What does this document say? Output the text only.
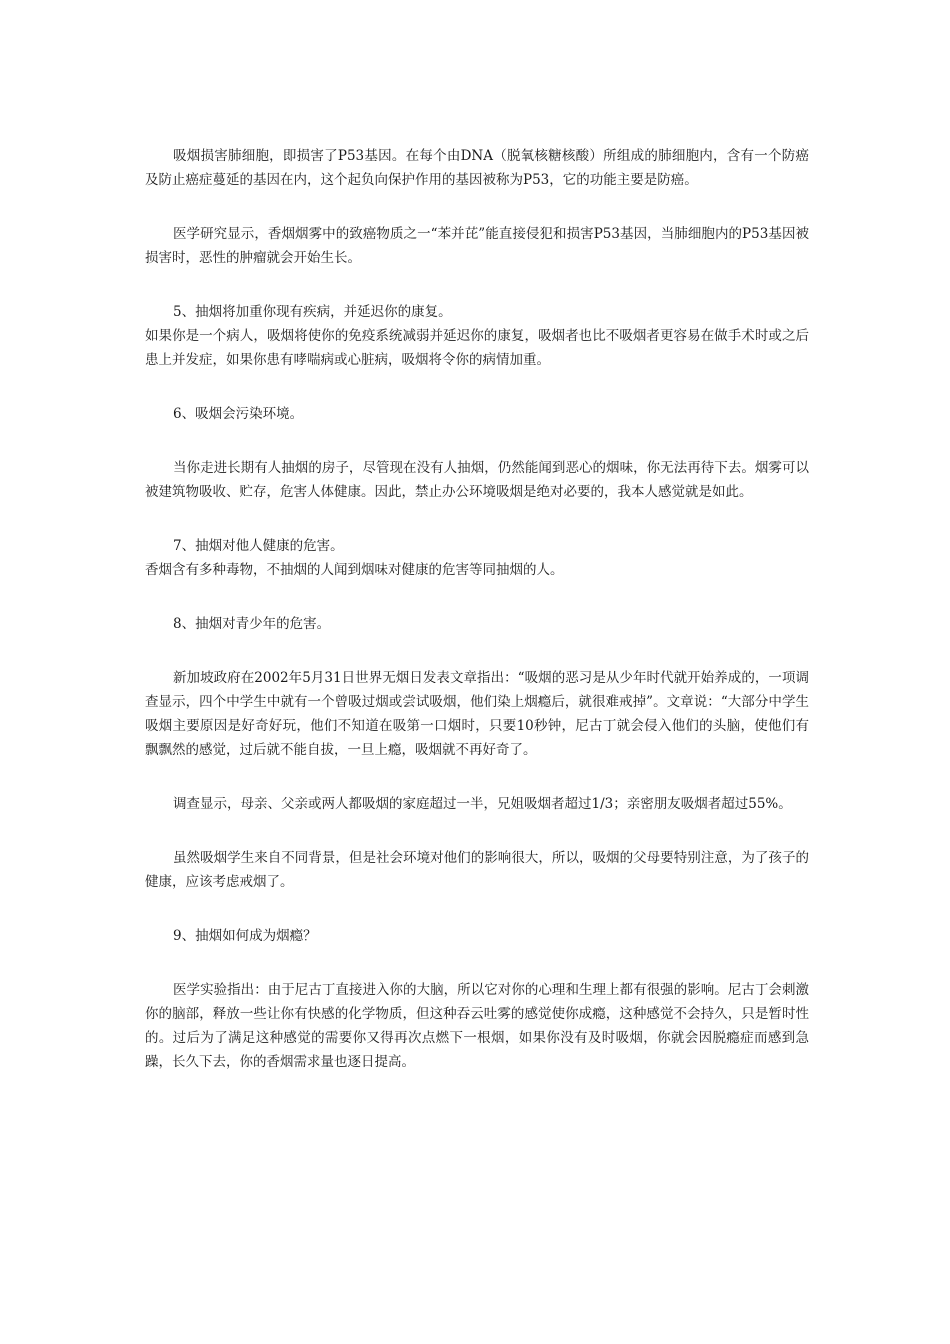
吸烟损害肺细胞，即损害了P53基因。在每个由DNA（脱氧核糖核酸）所组成的肺细胞内，含有一个防癌及防止癌症蔓延的基因在内，这个起负向保护作用的基因被称为P53，它的功能主要是防癌。

医学研究显示，香烟烟雾中的致癌物质之一“苯并芘”能直接侵犯和损害P53基因，当肺细胞内的P53基因被损害时，恶性的肿瘤就会开始生长。

5、抽烟将加重你现有疾病，并延迟你的康复。

如果你是一个病人，吸烟将使你的免疫系统减弱并延迟你的康复，吸烟者也比不吸烟者更容易在做手术时或之后患上并发症，如果你患有哮喘病或心脏病，吸烟将令你的病情加重。

6、吸烟会污染环境。

当你走进长期有人抽烟的房子，尽管现在没有人抽烟，仍然能闻到恶心的烟味，你无法再待下去。烟雾可以被建筑物吸收、贮存，危害人体健康。因此，禁止办公环境吸烟是绝对必要的，我本人感觉就是如此。

7、抽烟对他人健康的危害。

香烟含有多种毒物，不抽烟的人闻到烟味对健康的危害等同抽烟的人。

8、抽烟对青少年的危害。

新加坡政府在2002年5月31日世界无烟日发表文章指出：“吸烟的恶习是从少年时代就开始养成的，一项调查显示，四个中学生中就有一个曾吸过烟或尝试吸烟，他们染上烟瘾后，就很难戒掉”。文章说：“大部分中学生吸烟主要原因是好奇好玩，他们不知道在吸第一口烟时，只要10秒钟，尼古丁就会侵入他们的头脑，使他们有飘飘然的感觉，过后就不能自拔，一旦上瘾，吸烟就不再好奇了。

调查显示，母亲、父亲或两人都吸烟的家庭超过一半，兄姐吸烟者超过1/3；亲密朋友吸烟者超过55%。

虽然吸烟学生来自不同背景，但是社会环境对他们的影响很大，所以，吸烟的父母要特别注意，为了孩子的健康，应该考虑戒烟了。

9、抽烟如何成为烟瘾？

医学实验指出：由于尼古丁直接进入你的大脑，所以它对你的心理和生理上都有很强的影响。尼古丁会刺激你的脑部，释放一些让你有快感的化学物质，但这种吞云吐雾的感觉使你成瘾，这种感觉不会持久，只是暂时性的。过后为了满足这种感觉的需要你又得再次点燃下一根烟，如果你没有及时吸烟，你就会因脱瘾症而感到急躁，长久下去，你的香烟需求量也逐日提高。
